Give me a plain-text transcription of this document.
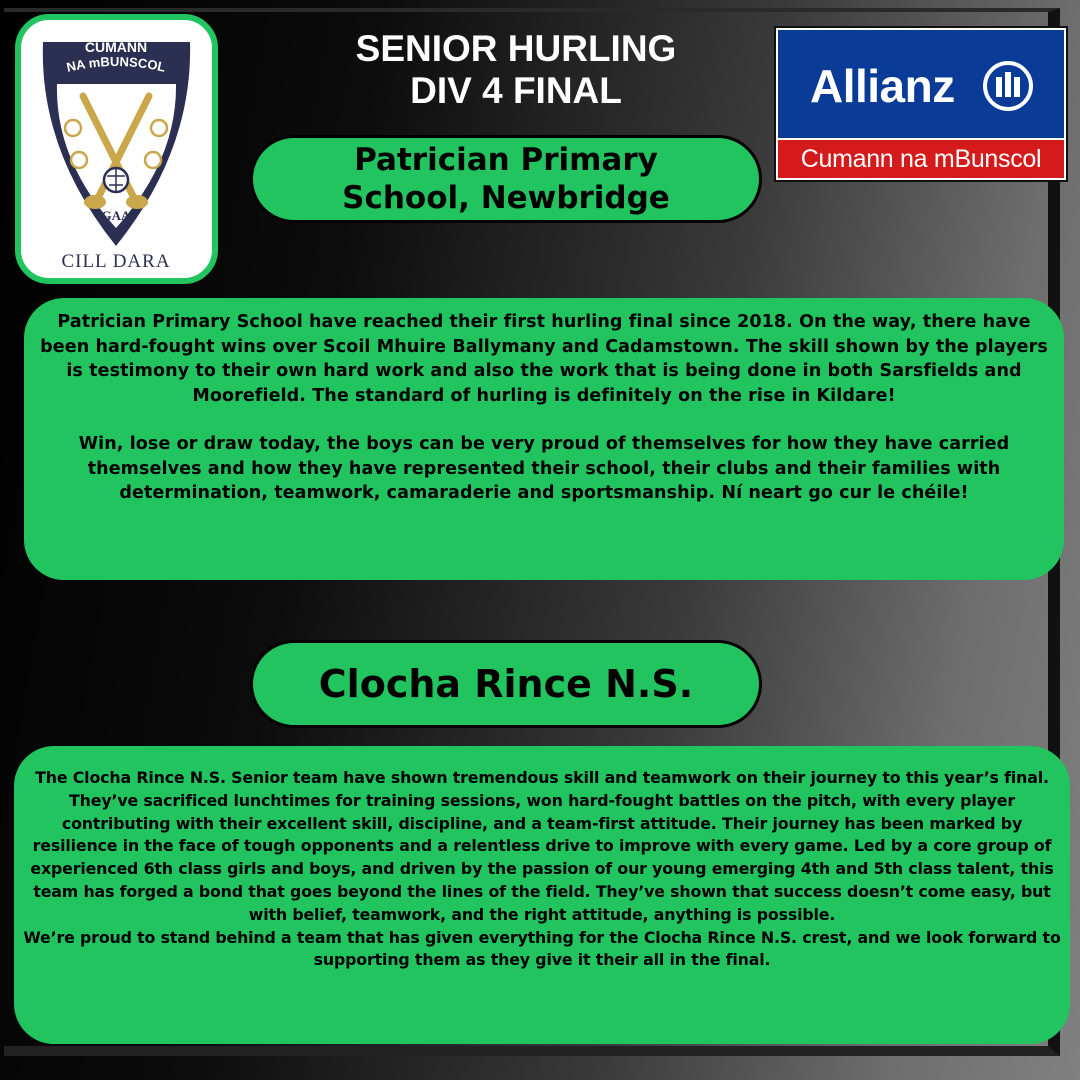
CUMANN
NA mBUNSCOL
GAA
CILL DARA
SENIOR HURLING
DIV 4 FINAL	Allianz
Cumann na mBunscol
Patrician Primary
School, Newbridge

Patrician Primary School have reached their first hurling final since 2018. On the way, there have been hard-fought wins over Scoil Mhuire Ballymany and Cadamstown. The skill shown by the players is testimony to their own hard work and also the work that is being done in both Sarsfields and Moorefield. The standard of hurling is definitely on the rise in Kildare!

Win, lose or draw today, the boys can be very proud of themselves for how they have carried themselves and how they have represented their school, their clubs and their families with determination, teamwork, camaraderie and sportsmanship. Ní neart go cur le chéile!

Clocha Rince N.S.

The Clocha Rince N.S. Senior team have shown tremendous skill and teamwork on their journey to this year’s final. They’ve sacrificed lunchtimes for training sessions, won hard-fought battles on the pitch, with every player contributing with their excellent skill, discipline, and a team-first attitude. Their journey has been marked by resilience in the face of tough opponents and a relentless drive to improve with every game. Led by a core group of experienced 6th class girls and boys, and driven by the passion of our young emerging 4th and 5th class talent, this team has forged a bond that goes beyond the lines of the field. They’ve shown that success doesn’t come easy, but with belief, teamwork, and the right attitude, anything is possible.

We’re proud to stand behind a team that has given everything for the Clocha Rince N.S. crest, and we look forward to supporting them as they give it their all in the final.
